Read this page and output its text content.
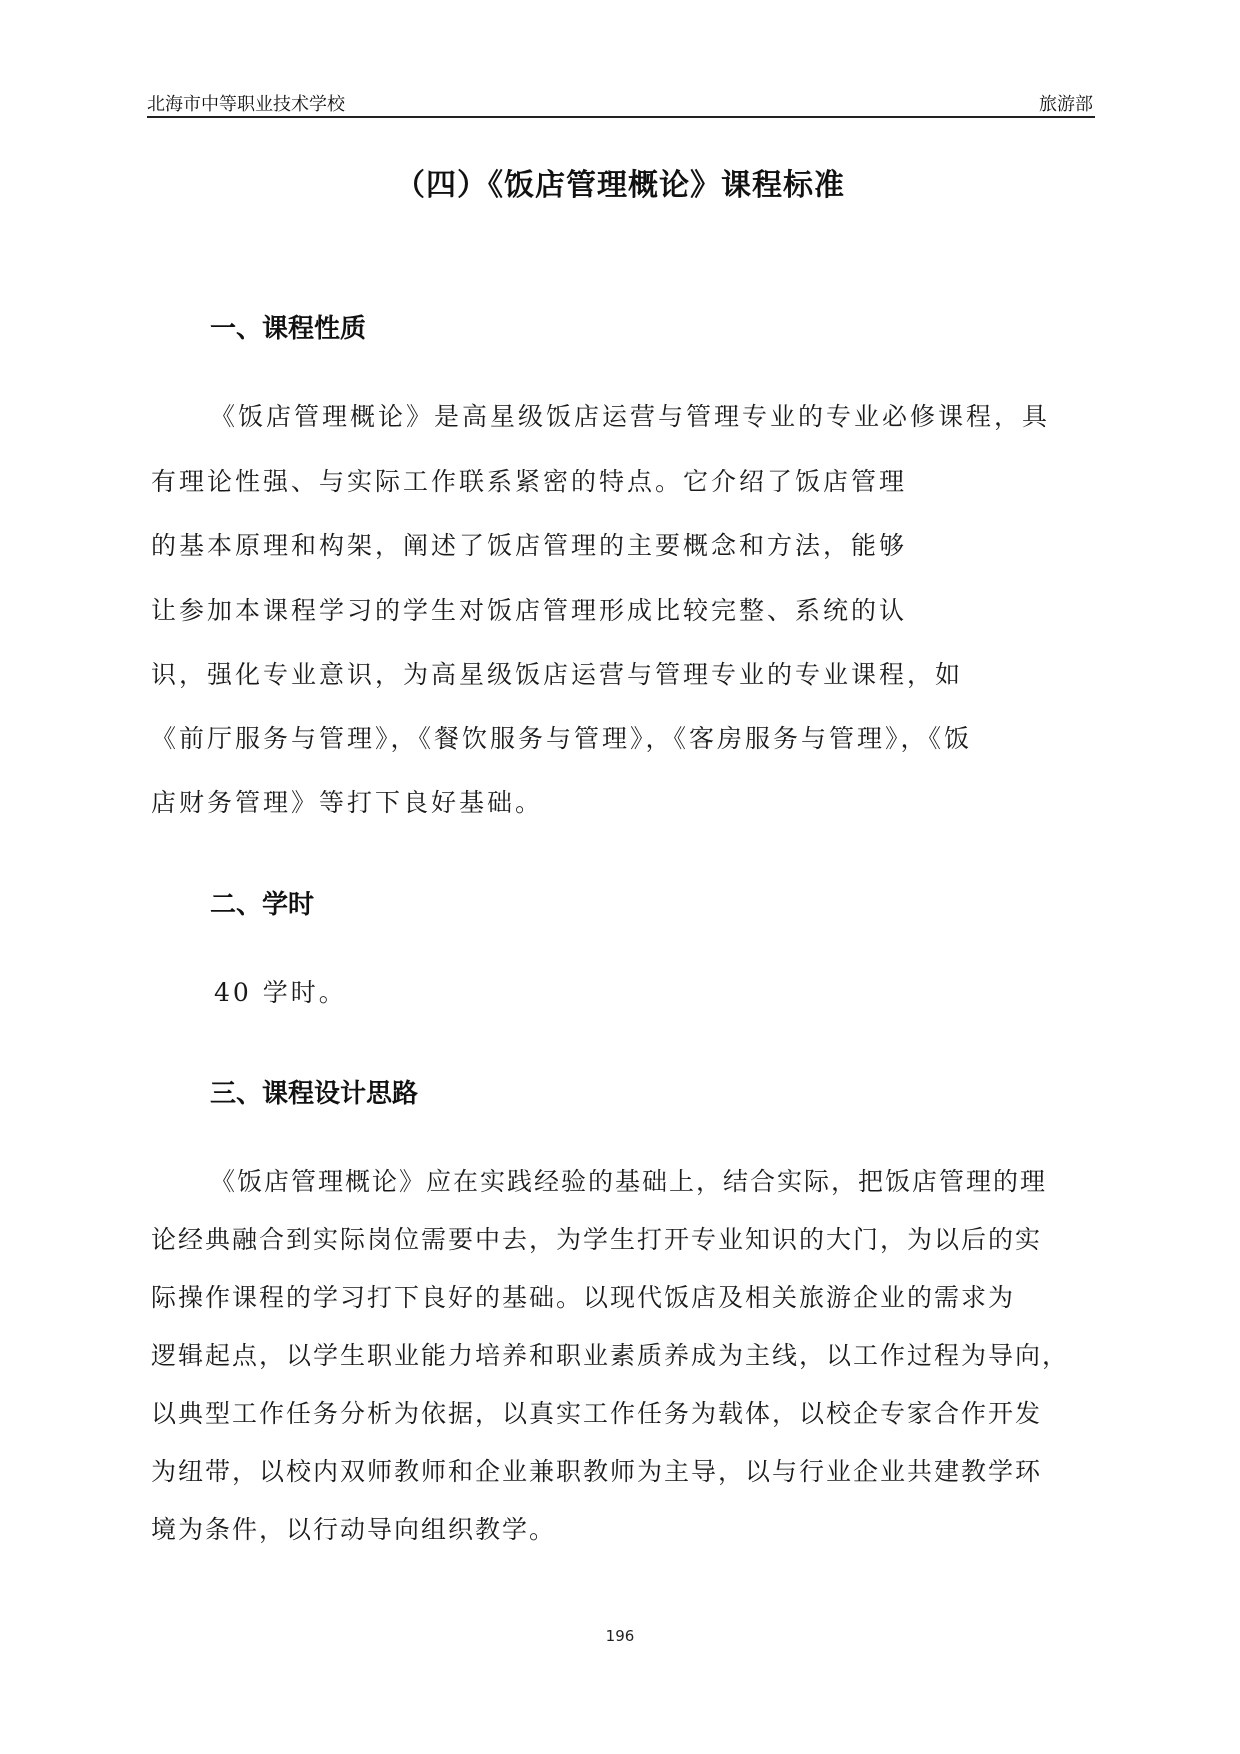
北海市中等职业技术学校	旅游部
（四）《饭店管理概论》课程标准
一、课程性质
《饭店管理概论》是高星级饭店运营与管理专业的专业必修课程，具
有理论性强、与实际工作联系紧密的特点。它介绍了饭店管理
的基本原理和构架，阐述了饭店管理的主要概念和方法，能够
让参加本课程学习的学生对饭店管理形成比较完整、系统的认
识，强化专业意识，为高星级饭店运营与管理专业的专业课程，如
《前厅服务与管理》，《餐饮服务与管理》，《客房服务与管理》，《饭
店财务管理》等打下良好基础。
二、学时
40 学时。
三、课程设计思路
《饭店管理概论》应在实践经验的基础上，结合实际，把饭店管理的理
论经典融合到实际岗位需要中去，为学生打开专业知识的大门，为以后的实
际操作课程的学习打下良好的基础。以现代饭店及相关旅游企业的需求为
逻辑起点，以学生职业能力培养和职业素质养成为主线，以工作过程为导向，
以典型工作任务分析为依据，以真实工作任务为载体，以校企专家合作开发
为纽带，以校内双师教师和企业兼职教师为主导，以与行业企业共建教学环
境为条件，以行动导向组织教学。
196
